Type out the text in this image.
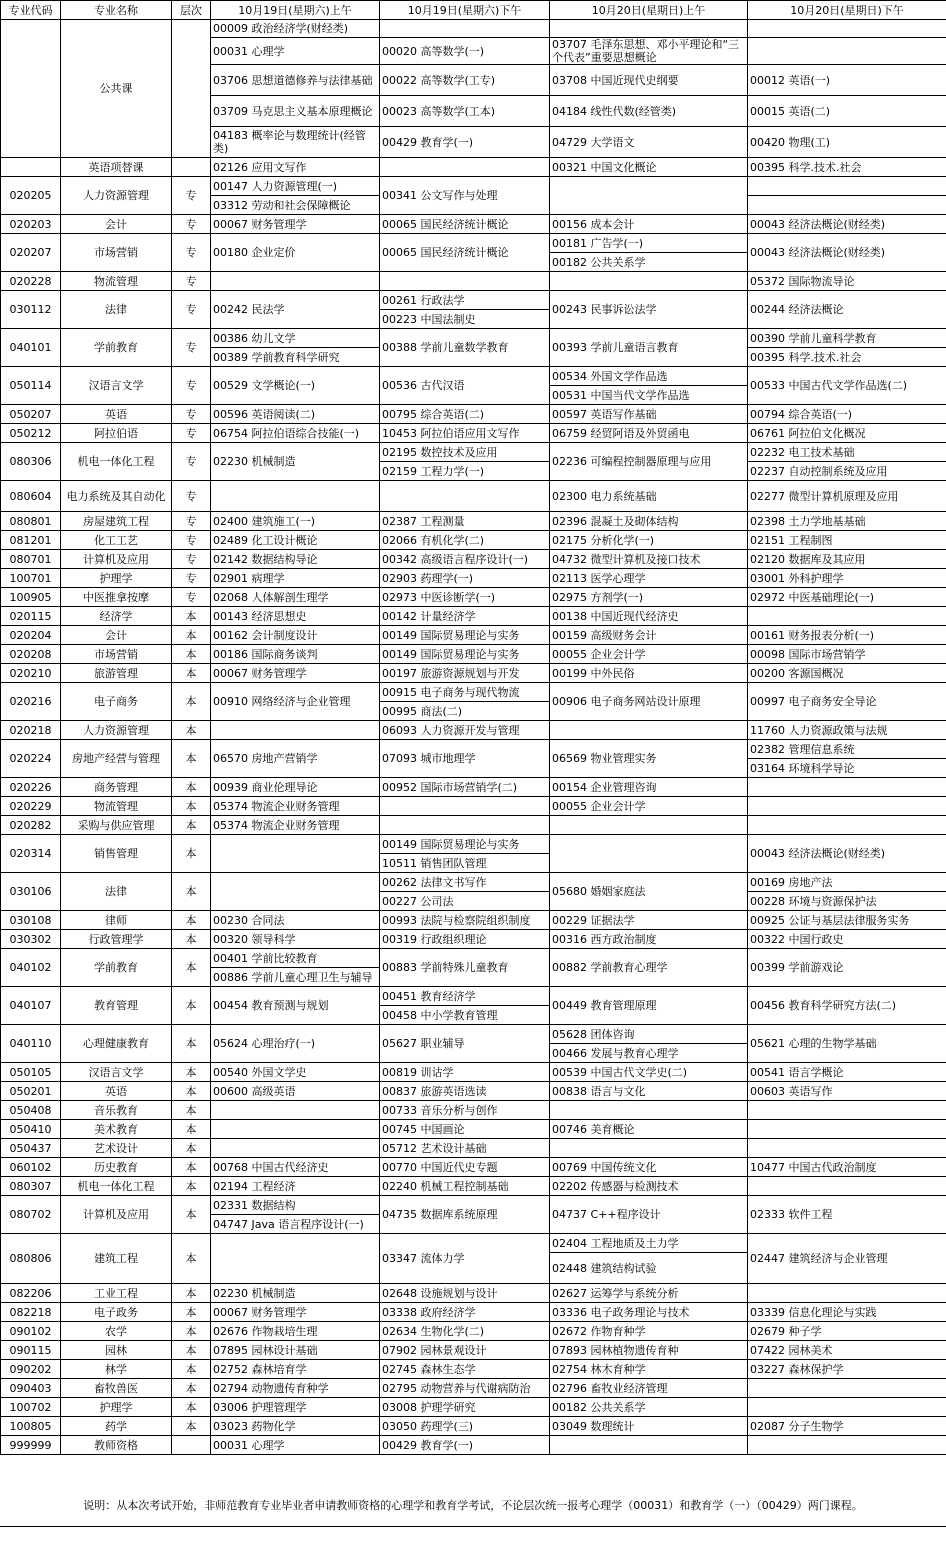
专业代码	专业名称	层次	10月19日(星期六)上午	10月19日(星期六)下午	10月20日(星期日)上午	10月20日(星期日)下午
	公共课		00009 政治经济学(财经类)			
			00031 心理学	00020 高等数学(一)	03707 毛泽东思想、邓小平理论和“三个代表”重要思想概论	
			03706 思想道德修养与法律基础	00022 高等数学(工专)	03708 中国近现代史纲要	00012 英语(一)
			03709 马克思主义基本原理概论	00023 高等数学(工本)	04184 线性代数(经管类)	00015 英语(二)
			04183 概率论与数理统计(经管类)	00429 教育学(一)	04729 大学语文	00420 物理(工)
	英语项替课		02126 应用文写作		00321 中国文化概论	00395 科学.技术.社会
020205	人力资源管理	专	00147 人力资源管理(一)	00341 公文写作与处理		
			03312 劳动和社会保障概论			
020203	会计	专	00067 财务管理学	00065 国民经济统计概论	00156 成本会计	00043 经济法概论(财经类)
020207	市场营销	专	00180 企业定价	00065 国民经济统计概论	00181 广告学(一)	00043 经济法概论(财经类)
					00182 公共关系学	
020228	物流管理	专				05372 国际物流导论
030112	法律	专	00242 民法学	00261 行政法学	00243 民事诉讼法学	00244 经济法概论
				00223 中国法制史		
040101	学前教育	专	00386 幼儿文学	00388 学前儿童数学教育	00393 学前儿童语言教育	00390 学前儿童科学教育
			00389 学前教育科学研究			00395 科学.技术.社会
050114	汉语言文学	专	00529 文学概论(一)	00536 古代汉语	00534 外国文学作品选	00533 中国古代文学作品选(二)
					00531 中国当代文学作品选	
050207	英语	专	00596 英语阅读(二)	00795 综合英语(二)	00597 英语写作基础	00794 综合英语(一)
050212	阿拉伯语	专	06754 阿拉伯语综合技能(一)	10453 阿拉伯语应用文写作	06759 经贸阿语及外贸函电	06761 阿拉伯文化概况
080306	机电一体化工程	专	02230 机械制造	02195 数控技术及应用	02236 可编程控制器原理与应用	02232 电工技术基础
				02159 工程力学(一)		02237 自动控制系统及应用
080604	电力系统及其自动化	专			02300 电力系统基础	02277 微型计算机原理及应用
080801	房屋建筑工程	专	02400 建筑施工(一)	02387 工程测量	02396 混凝土及砌体结构	02398 土力学地基基础
081201	化工工艺	专	02489 化工设计概论	02066 有机化学(二)	02175 分析化学(一)	02151 工程制图
080701	计算机及应用	专	02142 数据结构导论	00342 高级语言程序设计(一)	04732 微型计算机及接口技术	02120 数据库及其应用
100701	护理学	专	02901 病理学	02903 药理学(一)	02113 医学心理学	03001 外科护理学
100905	中医推拿按摩	专	02068 人体解剖生理学	02973 中医诊断学(一)	02975 方剂学(一)	02972 中医基础理论(一)
020115	经济学	本	00143 经济思想史	00142 计量经济学	00138 中国近现代经济史	
020204	会计	本	00162 会计制度设计	00149 国际贸易理论与实务	00159 高级财务会计	00161 财务报表分析(一)
020208	市场营销	本	00186 国际商务谈判	00149 国际贸易理论与实务	00055 企业会计学	00098 国际市场营销学
020210	旅游管理	本	00067 财务管理学	00197 旅游资源规划与开发	00199 中外民俗	00200 客源国概况
020216	电子商务	本	00910 网络经济与企业管理	00915 电子商务与现代物流	00906 电子商务网站设计原理	00997 电子商务安全导论
				00995 商法(二)		
020218	人力资源管理	本		06093 人力资源开发与管理		11760 人力资源政策与法规
020224	房地产经营与管理	本	06570 房地产营销学	07093 城市地理学	06569 物业管理实务	02382 管理信息系统
						03164 环境科学导论
020226	商务管理	本	00939 商业伦理导论	00952 国际市场营销学(二)	00154 企业管理咨询	
020229	物流管理	本	05374 物流企业财务管理		00055 企业会计学	
020282	采购与供应管理	本	05374 物流企业财务管理			
020314	销售管理	本		00149 国际贸易理论与实务		00043 经济法概论(财经类)
				10511 销售团队管理		
030106	法律	本		00262 法律文书写作	05680 婚姻家庭法	00169 房地产法
				00227 公司法		00228 环境与资源保护法
030108	律师	本	00230 合同法	00993 法院与检察院组织制度	00229 证据法学	00925 公证与基层法律服务实务
030302	行政管理学	本	00320 领导科学	00319 行政组织理论	00316 西方政治制度	00322 中国行政史
040102	学前教育	本	00401 学前比较教育	00883 学前特殊儿童教育	00882 学前教育心理学	00399 学前游戏论
			00886 学前儿童心理卫生与辅导			
040107	教育管理	本	00454 教育预测与规划	00451 教育经济学	00449 教育管理原理	00456 教育科学研究方法(二)
				00458 中小学教育管理		
040110	心理健康教育	本	05624 心理治疗(一)	05627 职业辅导	05628 团体咨询	05621 心理的生物学基础
					00466 发展与教育心理学	
050105	汉语言文学	本	00540 外国文学史	00819 训诂学	00539 中国古代文学史(二)	00541 语言学概论
050201	英语	本	00600 高级英语	00837 旅游英语选读	00838 语言与文化	00603 英语写作
050408	音乐教育	本		00733 音乐分析与创作		
050410	美术教育	本		00745 中国画论	00746 美育概论	
050437	艺术设计	本		05712 艺术设计基础		
060102	历史教育	本	00768 中国古代经济史	00770 中国近代史专题	00769 中国传统文化	10477 中国古代政治制度
080307	机电一体化工程	本	02194 工程经济	02240 机械工程控制基础	02202 传感器与检测技术	
080702	计算机及应用	本	02331 数据结构	04735 数据库系统原理	04737 C++程序设计	02333 软件工程
			04747 Java 语言程序设计(一)			
080806	建筑工程	本		03347 流体力学	02404 工程地质及土力学	02447 建筑经济与企业管理
					02448 建筑结构试验	
082206	工业工程	本	02230 机械制造	02648 设施规划与设计	02627 运筹学与系统分析	
082218	电子政务	本	00067 财务管理学	03338 政府经济学	03336 电子政务理论与技术	03339 信息化理论与实践
090102	农学	本	02676 作物栽培生理	02634 生物化学(二)	02672 作物育种学	02679 种子学
090115	园林	本	07895 园林设计基础	07902 园林景观设计	07893 园林植物遗传育种	07422 园林美术
090202	林学	本	02752 森林培育学	02745 森林生态学	02754 林木育种学	03227 森林保护学
090403	畜牧兽医	本	02794 动物遗传育种学	02795 动物营养与代谢病防治	02796 畜牧业经济管理	
100702	护理学	本	03006 护理管理学	03008 护理学研究	00182 公共关系学	
100805	药学	本	03023 药物化学	03050 药理学(三)	03049 数理统计	02087 分子生物学
999999	教师资格		00031 心理学	00429 教育学(一)		
说明：从本次考试开始，非师范教育专业毕业者申请教师资格的心理学和教育学考试，不论层次统一报考心理学（00031）和教育学（一）（00429）两门课程。
